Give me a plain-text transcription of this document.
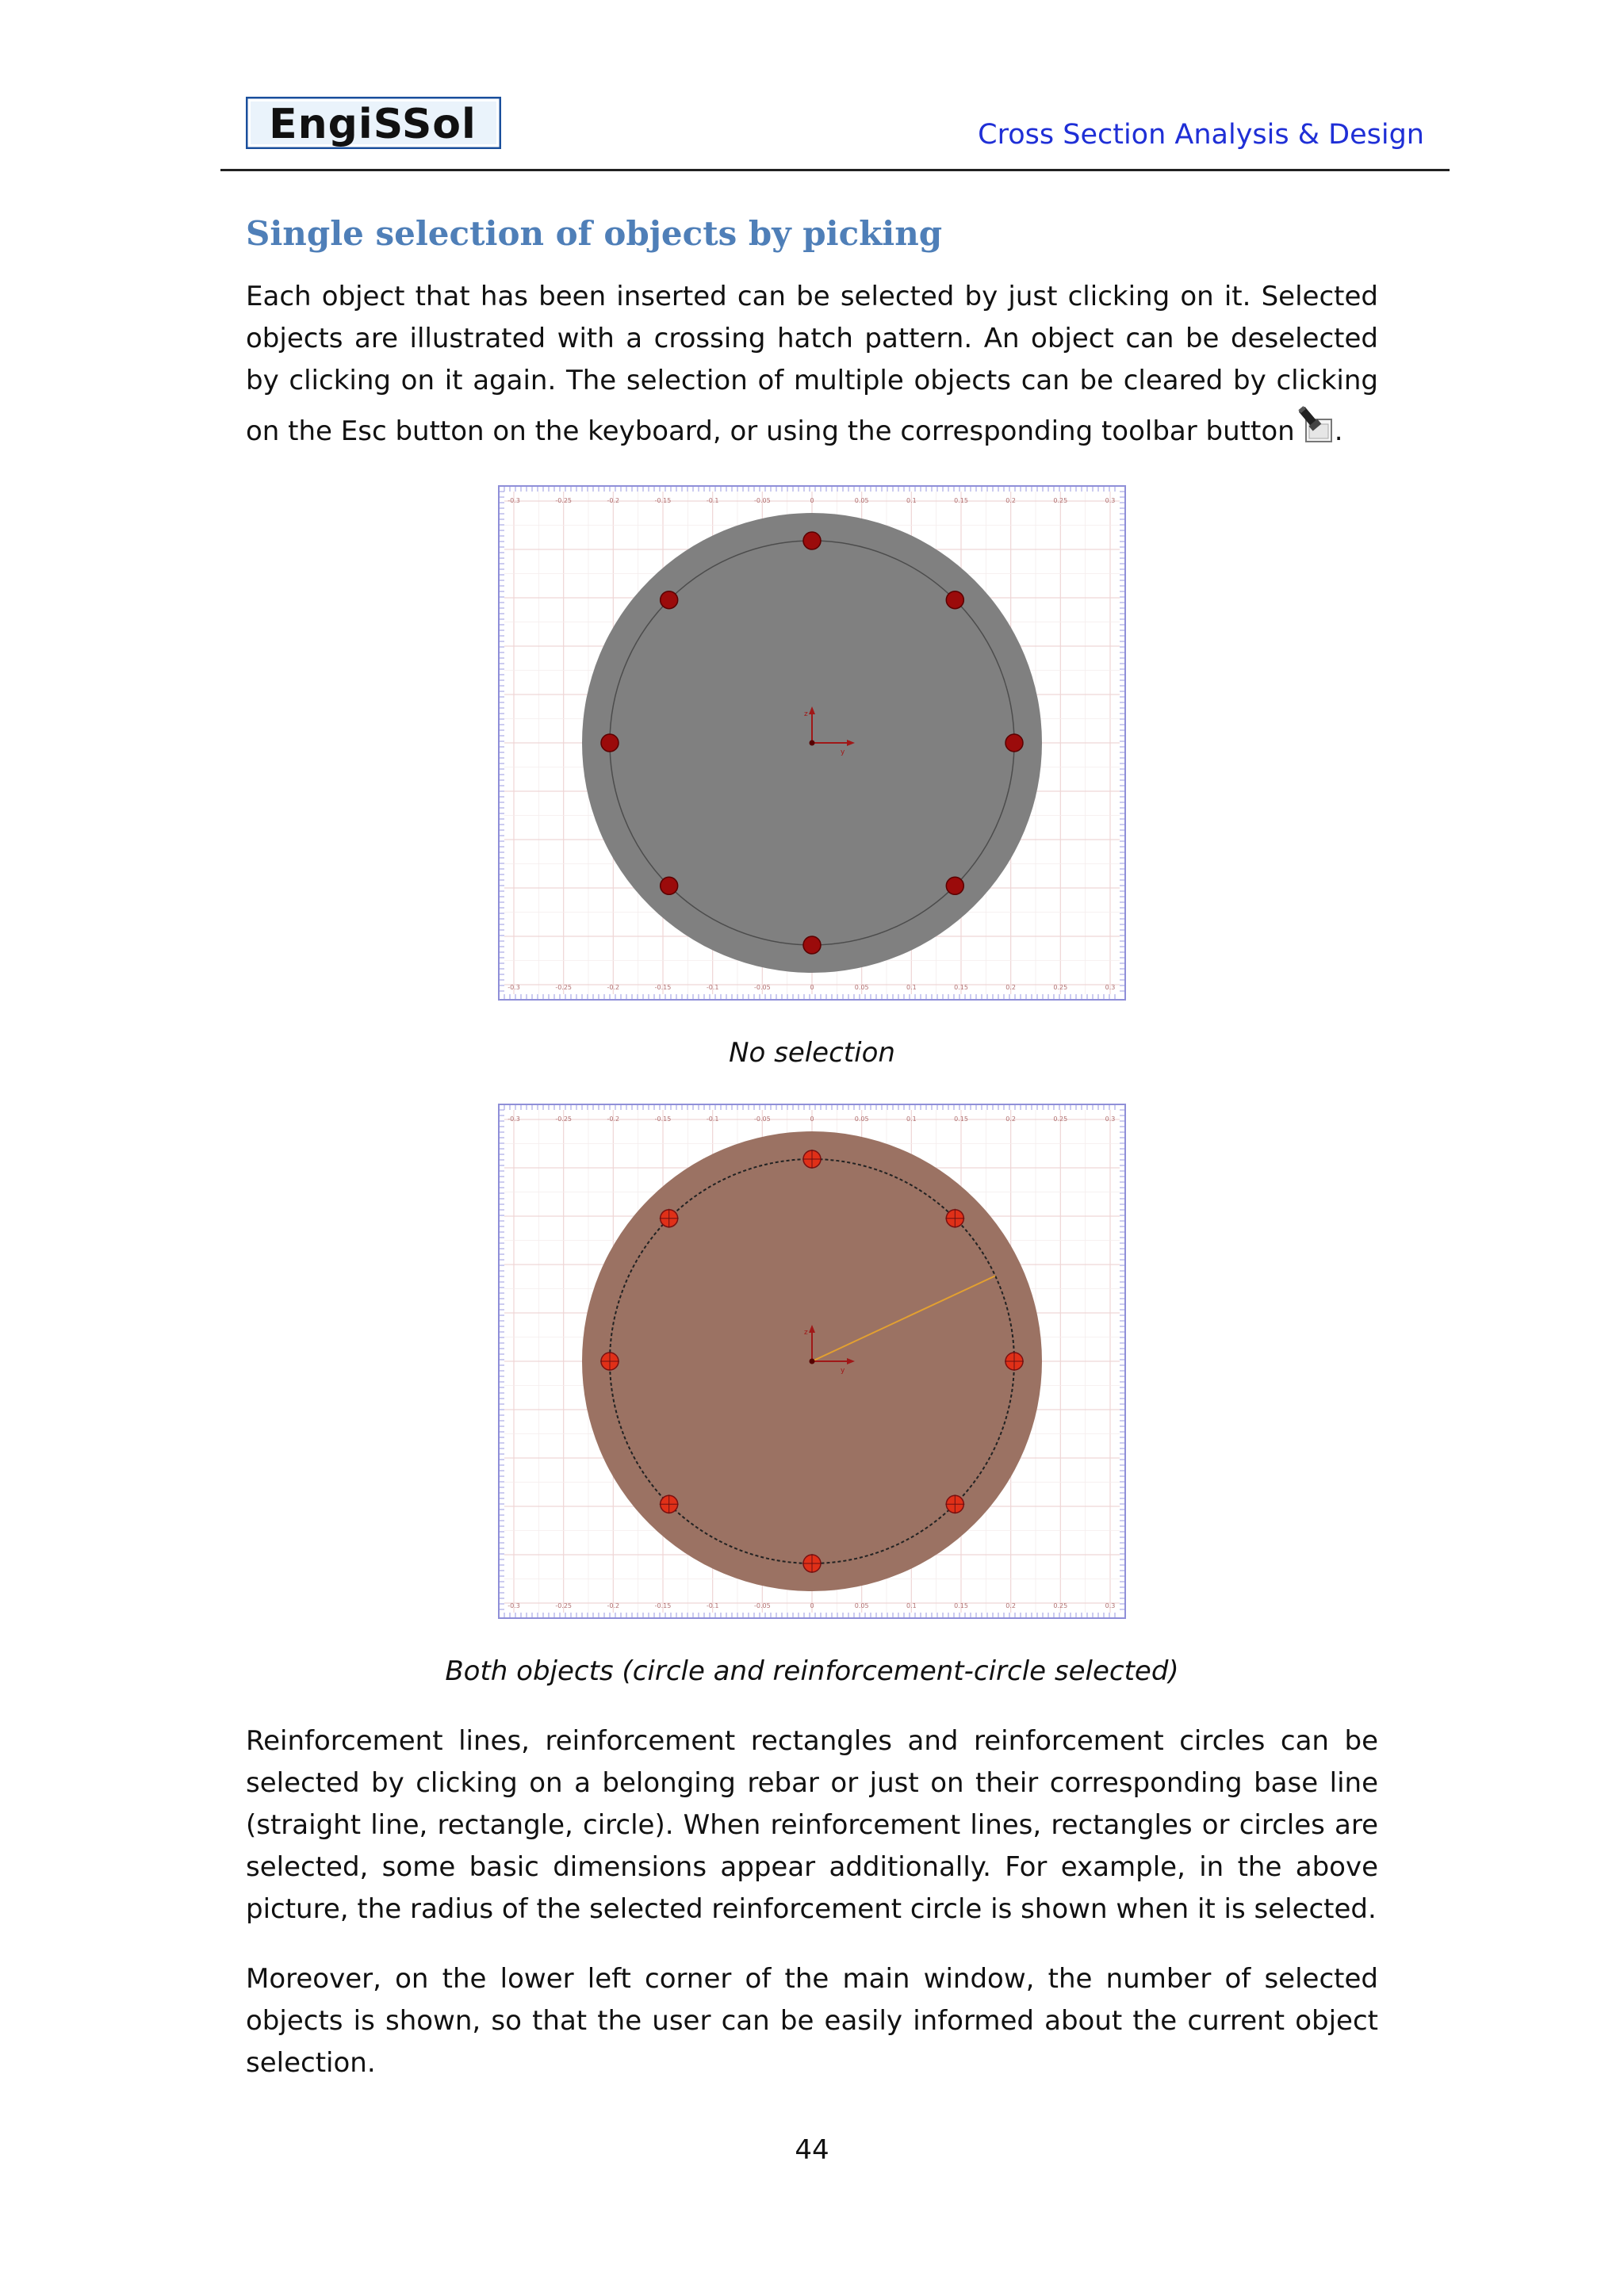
EngiSSol	Cross Section Analysis & Design
Single selection of objects by picking

Each object that has been inserted can be selected by just clicking on it. Selected objects are illustrated with a crossing hatch pattern. An object can be deselected by clicking on it again. The selection of multiple objects can be cleared by clicking on the Esc button on the keyboard, or using the corresponding toolbar button .

-0.3
-0.3
-0.25
-0.25
-0.2
-0.2
-0.15
-0.15
-0.1
-0.1
-0.05
-0.05
0
0
0.05
0.05
0.1
0.1
0.15
0.15
0.2
0.2
0.25
0.25
0.3
0.3
z
y
No selection
-0.3
-0.3
-0.25
-0.25
-0.2
-0.2
-0.15
-0.15
-0.1
-0.1
-0.05
-0.05
0
0
0.05
0.05
0.1
0.1
0.15
0.15
0.2
0.2
0.25
0.25
0.3
0.3
z
y
Both objects (circle and reinforcement-circle selected)

Reinforcement lines, reinforcement rectangles and reinforcement circles can be selected by clicking on a belonging rebar or just on their corresponding base line (straight line, rectangle, circle). When reinforcement lines, rectangles or circles are selected, some basic dimensions appear additionally. For example, in the above picture, the radius of the selected reinforcement circle is shown when it is selected.

Moreover, on the lower left corner of the main window, the number of selected objects is shown, so that the user can be easily informed about the current object selection.

44
